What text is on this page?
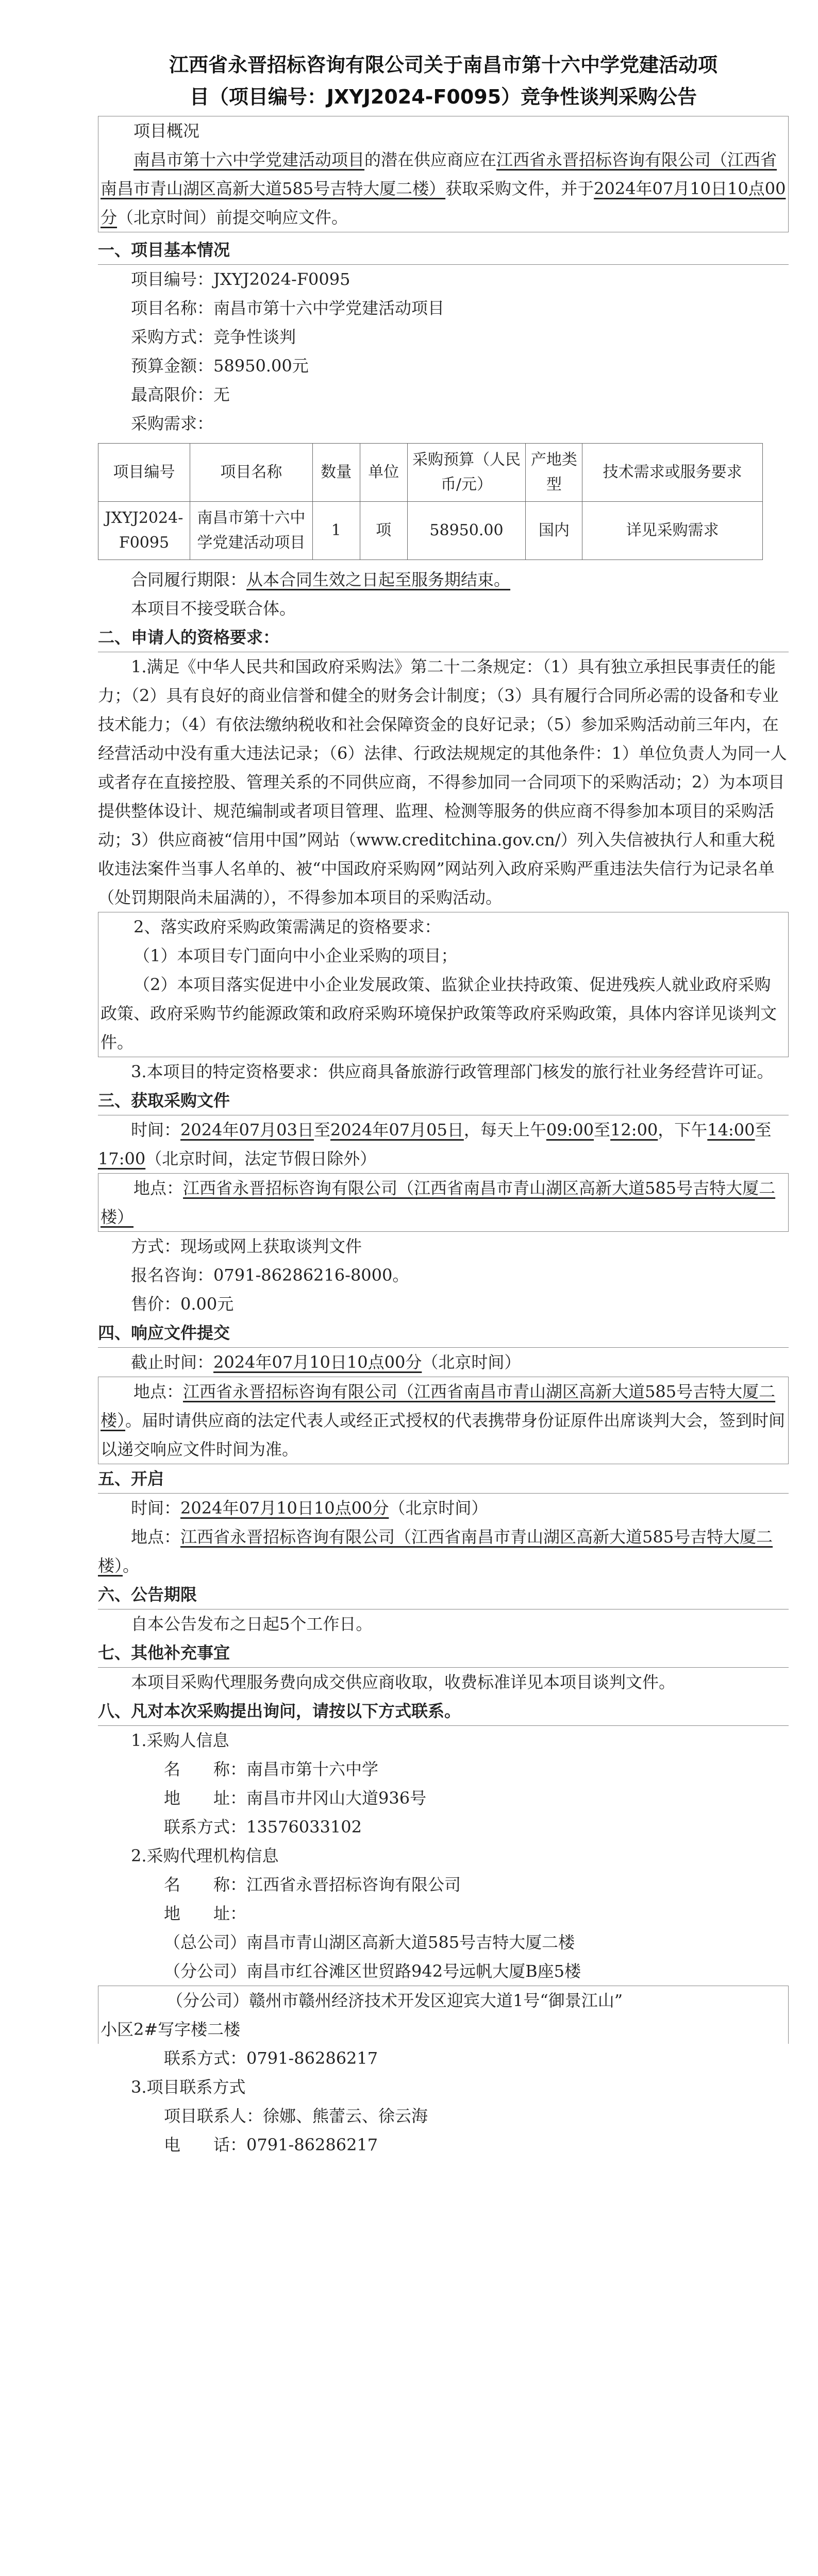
江西省永晋招标咨询有限公司关于南昌市第十六中学党建活动项
目（项目编号：JXYJ2024-F0095）竞争性谈判采购公告

项目概况

南昌市第十六中学党建活动项目的潜在供应商应在江西省永晋招标咨询有限公司（江西省南昌市青山湖区高新大道585号吉特大厦二楼）获取采购文件，并于2024年07月10日10点00分（北京时间）前提交响应文件。

一、项目基本情况

项目编号：JXYJ2024-F0095

项目名称：南昌市第十六中学党建活动项目

采购方式：竞争性谈判

预算金额：58950.00元

最高限价：无

采购需求：

项目编号	项目名称	数量	单位	采购预算（人民币/元）	产地类型	技术需求或服务要求
JXYJ2024-F0095	南昌市第十六中学党建活动项目	1	项	58950.00	国内	详见采购需求

合同履行期限：从本合同生效之日起至服务期结束。

本项目不接受联合体。

二、申请人的资格要求：

1.满足《中华人民共和国政府采购法》第二十二条规定：（1）具有独立承担民事责任的能力；（2）具有良好的商业信誉和健全的财务会计制度；（3）具有履行合同所必需的设备和专业技术能力；（4）有依法缴纳税收和社会保障资金的良好记录；（5）参加采购活动前三年内，在经营活动中没有重大违法记录；（6）法律、行政法规规定的其他条件：1）单位负责人为同一人或者存在直接控股、管理关系的不同供应商，不得参加同一合同项下的采购活动；2）为本项目提供整体设计、规范编制或者项目管理、监理、检测等服务的供应商不得参加本项目的采购活动；3）供应商被“信用中国”网站（www.creditchina.gov.cn/）列入失信被执行人和重大税收违法案件当事人名单的、被“中国政府采购网”网站列入政府采购严重违法失信行为记录名单（处罚期限尚未届满的），不得参加本项目的采购活动。

2、落实政府采购政策需满足的资格要求：

（1）本项目专门面向中小企业采购的项目；

（2）本项目落实促进中小企业发展政策、监狱企业扶持政策、促进残疾人就业政府采购政策、政府采购节约能源政策和政府采购环境保护政策等政府采购政策，具体内容详见谈判文件。

3.本项目的特定资格要求：供应商具备旅游行政管理部门核发的旅行社业务经营许可证。

三、获取采购文件

时间：2024年07月03日至2024年07月05日，每天上午09:00至12:00，下午14:00至17:00（北京时间，法定节假日除外）

地点：江西省永晋招标咨询有限公司（江西省南昌市青山湖区高新大道585号吉特大厦二楼）

方式：现场或网上获取谈判文件

报名咨询：0791-86286216-8000。

售价：0.00元

四、响应文件提交

截止时间：2024年07月10日10点00分（北京时间）

地点：江西省永晋招标咨询有限公司（江西省南昌市青山湖区高新大道585号吉特大厦二楼）。届时请供应商的法定代表人或经正式授权的代表携带身份证原件出席谈判大会，签到时间以递交响应文件时间为准。

五、开启

时间：2024年07月10日10点00分（北京时间）

地点：江西省永晋招标咨询有限公司（江西省南昌市青山湖区高新大道585号吉特大厦二楼）。

六、公告期限

自本公告发布之日起5个工作日。

七、其他补充事宜

本项目采购代理服务费向成交供应商收取，收费标准详见本项目谈判文件。

八、凡对本次采购提出询问，请按以下方式联系。

1.采购人信息

名　　称：南昌市第十六中学

地　　址：南昌市井冈山大道936号

联系方式：13576033102

2.采购代理机构信息

名　　称：江西省永晋招标咨询有限公司

地　　址：

（总公司）南昌市青山湖区高新大道585号吉特大厦二楼

（分公司）南昌市红谷滩区世贸路942号远帆大厦B座5楼

（分公司）赣州市赣州经济技术开发区迎宾大道1号“御景江山”

小区2#写字楼二楼

联系方式：0791-86286217

3.项目联系方式

项目联系人：徐娜、熊蕾云、徐云海

电　　话：0791-86286217
